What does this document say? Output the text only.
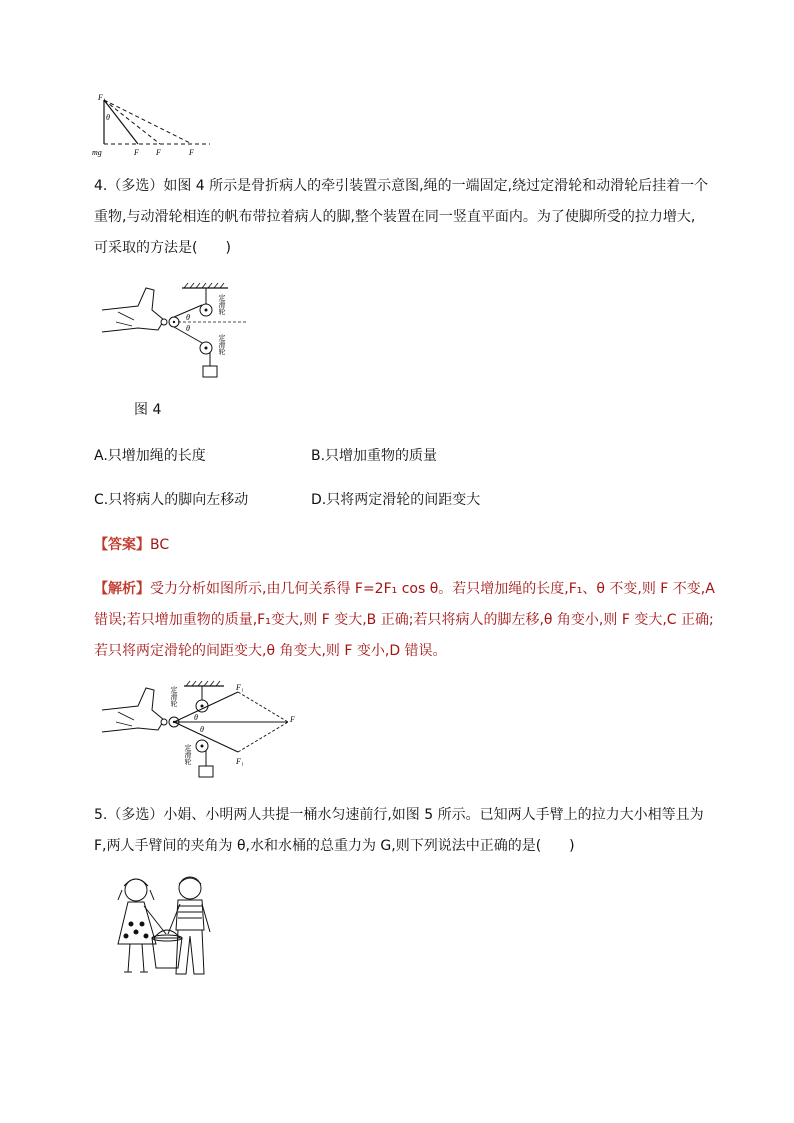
F₁
θ
mg	F F	F
4.（多选）如图 4 所示是骨折病人的牵引装置示意图,绳的一端固定,绕过定滑轮和动滑轮后挂着一个
重物,与动滑轮相连的帆布带拉着病人的脚,整个装置在同一竖直平面内。为了使脚所受的拉力增大,
可采取的方法是(　　)
θ
θ
定滑轮
定滑轮
图 4
A.只增加绳的长度	B.只增加重物的质量
C.只将病人的脚向左移动	D.只将两定滑轮的间距变大
【答案】BC
【解析】受力分析如图所示,由几何关系得 F=2F₁ cos θ。若只增加绳的长度,F₁、θ 不变,则 F 不变,A
错误;若只增加重物的质量,F₁变大,则 F 变大,B 正确;若只将病人的脚左移,θ 角变小,则 F 变大,C 正确;
若只将两定滑轮的间距变大,θ 角变大,则 F 变小,D 错误。
F₁
F₁
F
θ
θ
定滑轮
定滑轮
5.（多选）小娟、小明两人共提一桶水匀速前行,如图 5 所示。已知两人手臂上的拉力大小相等且为
F,两人手臂间的夹角为 θ,水和水桶的总重力为 G,则下列说法中正确的是(　　)
